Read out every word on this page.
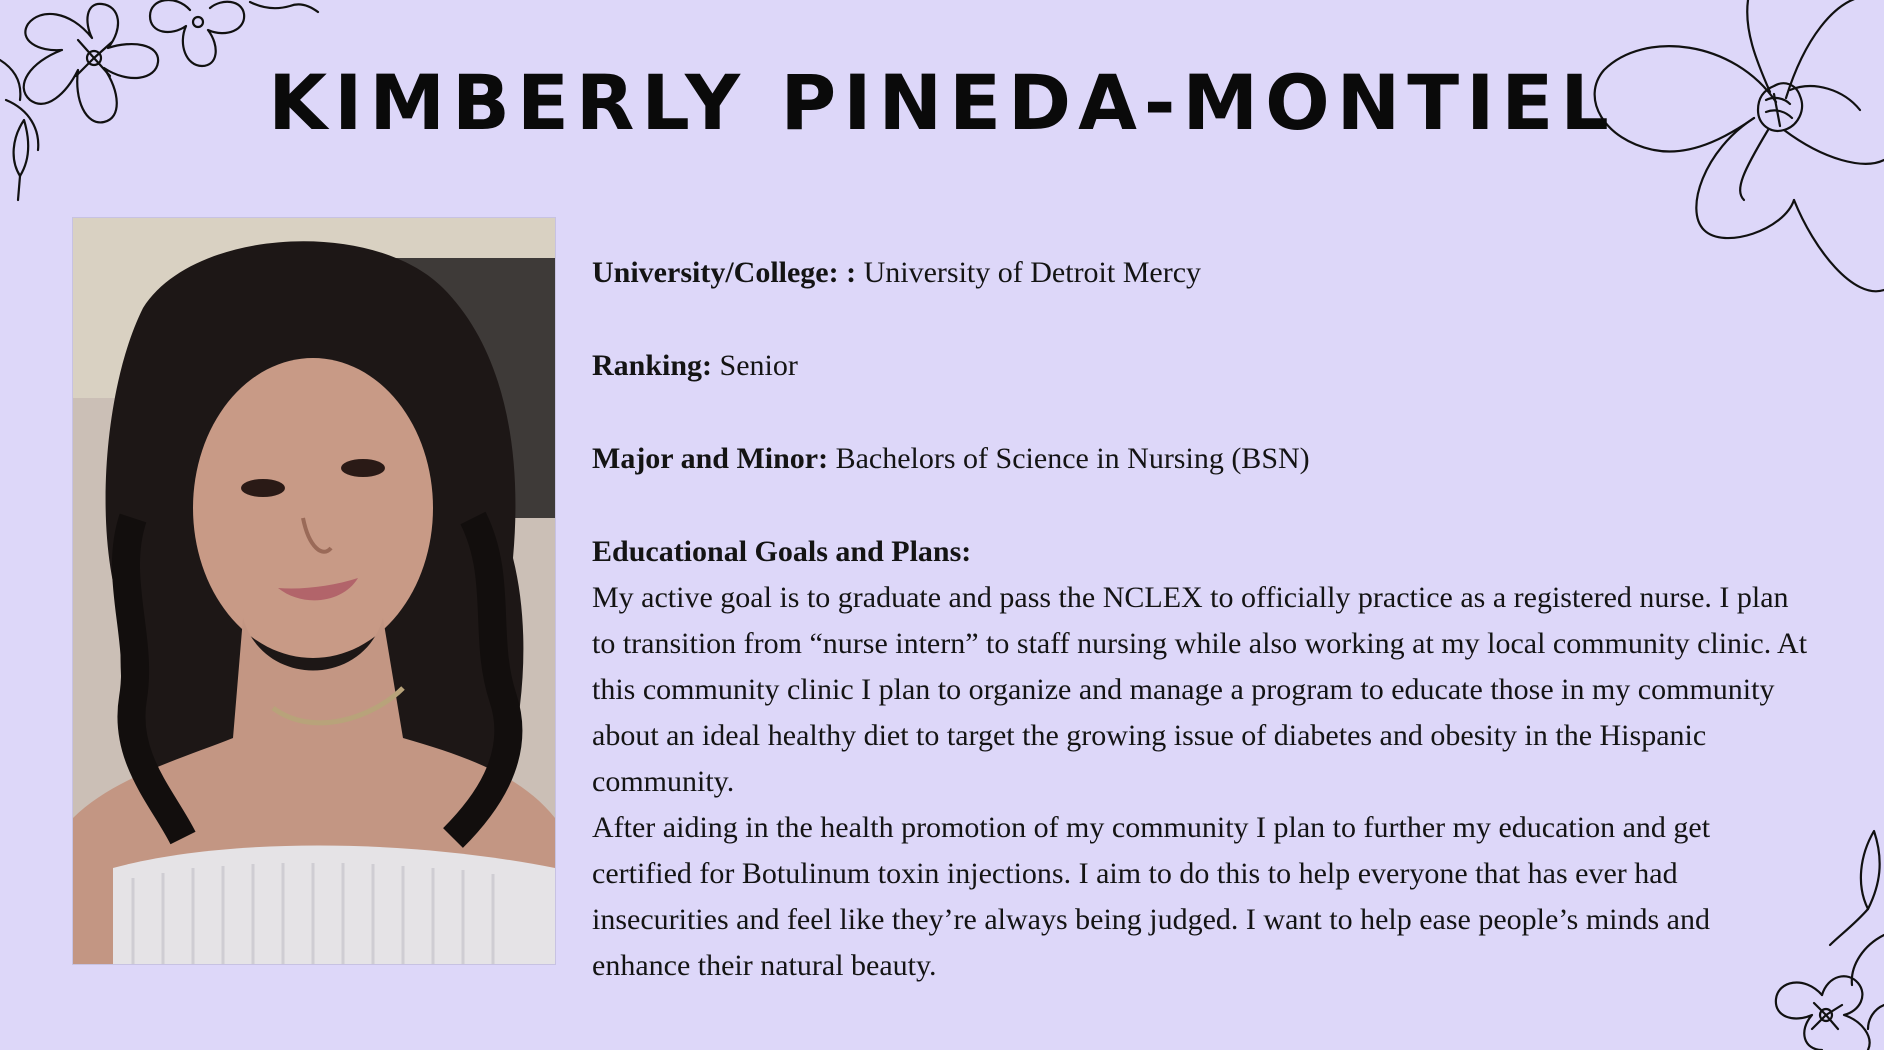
KIMBERLY PINEDA-MONTIEL

University/College: : University of Detroit Mercy

Ranking: Senior

Major and Minor: Bachelors of Science in Nursing (BSN)

Educational Goals and Plans:

My active goal is to graduate and pass the NCLEX to officially practice as a registered nurse. I plan to transition from “nurse intern” to staff nursing while also working at my local community clinic. At this community clinic I plan to organize and manage a program to educate those in my community about an ideal healthy diet to target the growing issue of diabetes and obesity in the Hispanic community.

After aiding in the health promotion of my community I plan to further my education and get certified for Botulinum toxin injections. I aim to do this to help everyone that has ever had insecurities and feel like they’re always being judged. I want to help ease people’s minds and enhance their natural beauty.
